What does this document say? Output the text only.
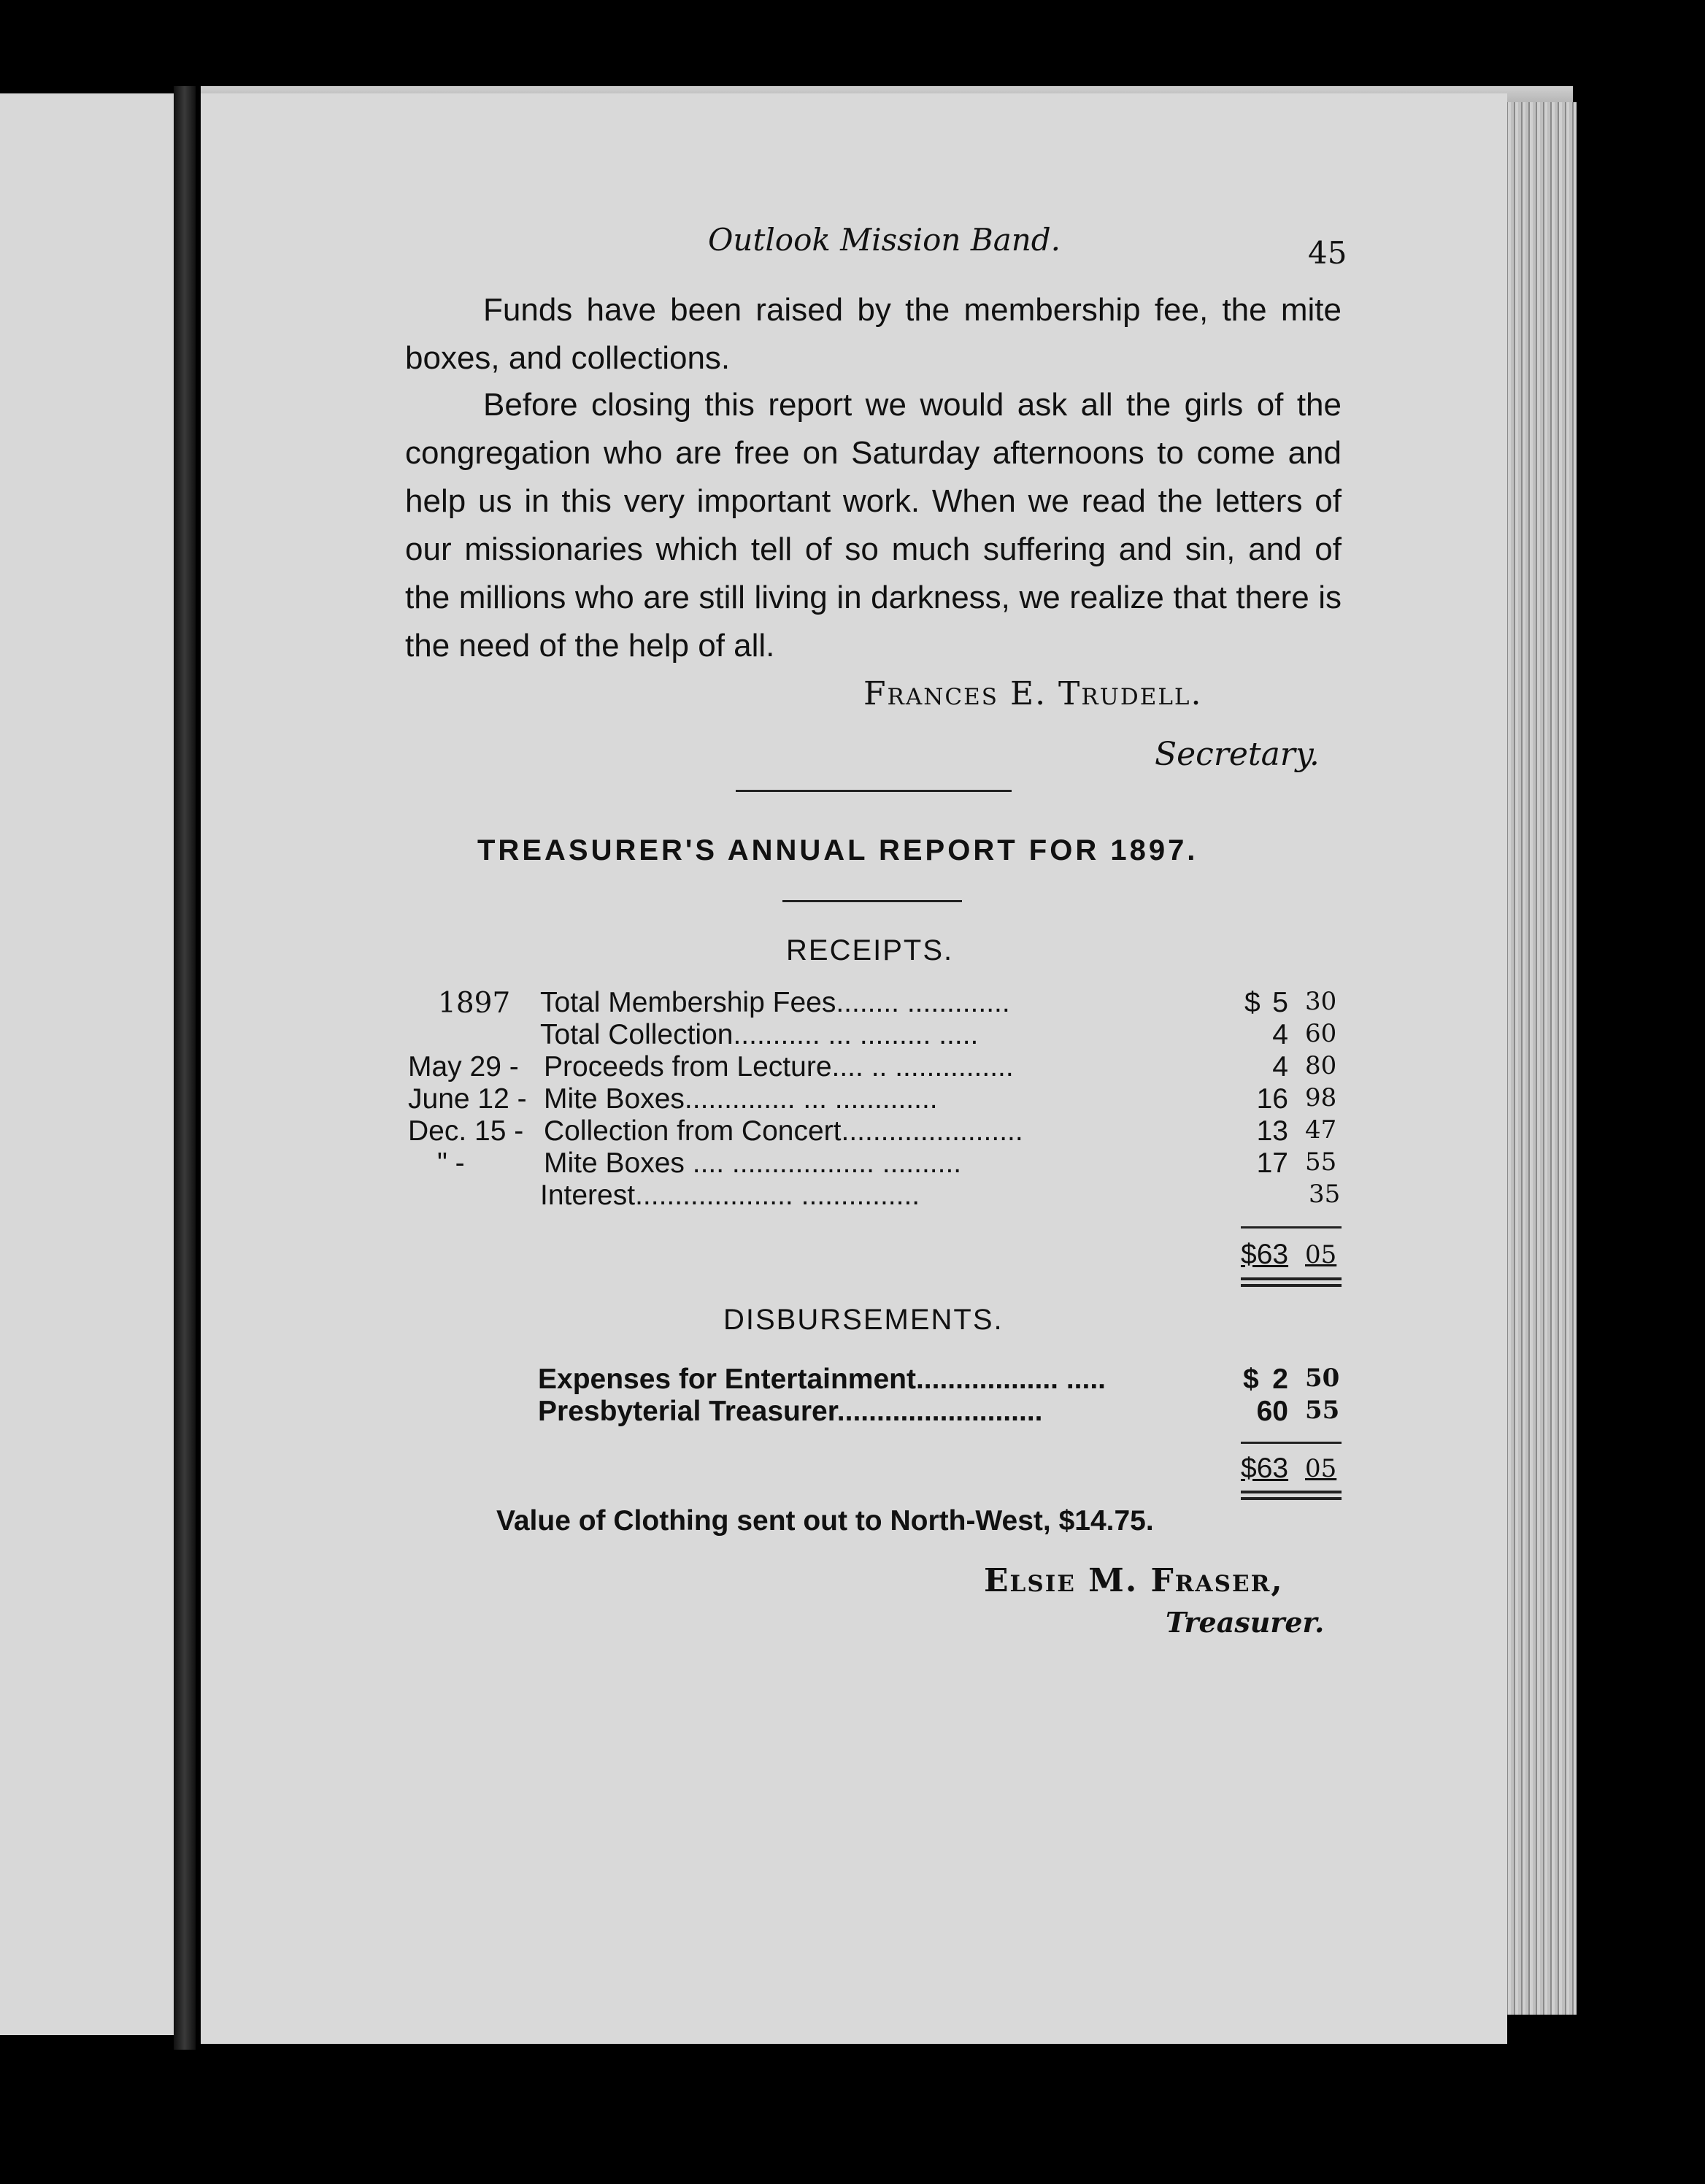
Outlook Mission Band.	45
Funds have been raised by the membership fee, the mite boxes, and collections.
Before closing this report we would ask all the girls of the congregation who are free on Saturday afternoons to come and help us in this very important work. When we read the letters of our missionaries which tell of so much suffering and sin, and of the millions who are still living in darkness, we realize that there is the need of the help of all.
Frances E. Trudell.
Secretary.
TREASURER'S ANNUAL REPORT FOR 1897.
RECEIPTS.
1897	Total Membership Fees........ .............	$ 5 30
Total Collection........... ... ......... .....	4 60
May 29 - Proceeds from Lecture.... .. ...............	4 80
June 12 - Mite Boxes.............. ... .............	16 98
Dec. 15 - Collection from Concert.......................	13 47
" -	Mite Boxes .... .................. ..........	17 55
Interest.................... ...............	35
$63 05
DISBURSEMENTS.
Expenses for Entertainment.................. .....	$ 2 50
Presbyterial Treasurer..........................	60 55
$63 05
Value of Clothing sent out to North-West, $14.75.
Elsie M. Fraser,
Treasurer.
